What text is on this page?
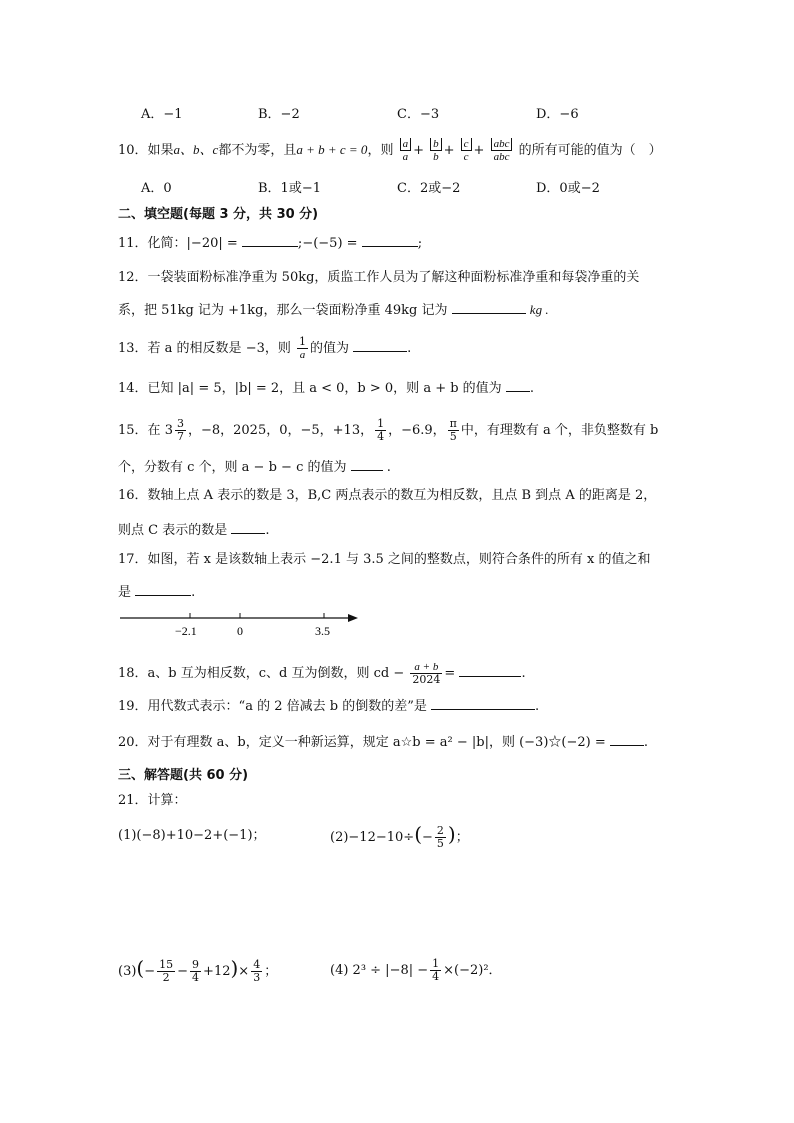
A．−1	B．−2	C．−3	D．−6
10．如果a、b、c都不为零，且a + b + c = 0，则 $\frac{a}{a} + \frac{b}{b} + \frac{c}{c} + \frac{\text{abc}}{\text{abc}}$ 的所有可能的值为（　）
A．0	B．1或−1	C．2或−2	D．0或−2
二、填空题(每题 3 分，共 30 分)
11．化简：|−20| =	;−(−5) =	;
12．一袋装面粉标准净重为 50kg，质监工作人员为了解这种面粉标准净重和每袋净重的关
系，把 51kg 记为 +1kg，那么一袋面粉净重 49kg 记为	kg .
13．若 a 的相反数是 −3，则 $\frac{1}{a}$ 的值为	.
14．已知 |a| = 5，|b| = 2，且 a < 0，b > 0，则 a + b 的值为 .
15．在 $3 \frac{3}{7}$ ，−8，2025，0，−5，+13， $\frac{1}{4}$ ，−6.9， $\frac{\pi}{5}$ 中，有理数有 a 个，非负整数有 b
个，分数有 c 个，则 a − b − c 的值为	.
16．数轴上点 A 表示的数是 3，B,C 两点表示的数互为相反数，且点 B 到点 A 的距离是 2，
则点 C 表示的数是	.
17．如图，若 x 是该数轴上表示 −2.1 与 3.5 之间的整数点，则符合条件的所有 x 的值之和
是	.
−2.1	0	3.5
18．a、b 互为相反数，c、d 互为倒数，则 cd − $\frac{a + b}{2024}$ =	.
19．用代数式表示：“a 的 2 倍减去 b 的倒数的差”是	.
20．对于有理数 a、b，定义一种新运算，规定 a☆b = a² − |b|，则 (−3)☆(−2) =	.
三、解答题(共 60 分)
21．计算：
(1)(−8)+10−2+(−1)；	$(2)-12-10\div(- \frac{2}{5}$ )；
$(3)(- \frac{15}{2} - \frac{9}{4} +12)\times \frac{4}{3}$ ；	(4) $2^3 \div |-8| - \frac{1}{4} \times(-2)^2$．
